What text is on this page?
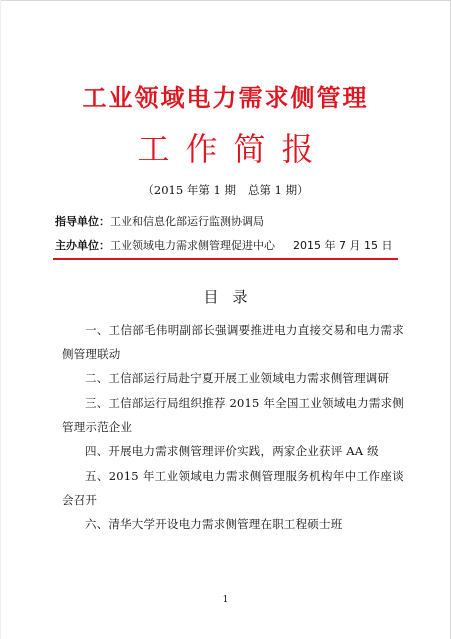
工业领域电力需求侧管理
工作简报
（2015 年第 1 期 总第 1 期）
指导单位：工业和信息化部运行监测协调局
主办单位：工业领域电力需求侧管理促进中心 2015 年 7 月 15 日
目录
一、工信部毛伟明副部长强调要推进电力直接交易和电力需求侧管理联动
二、工信部运行局赴宁夏开展工业领域电力需求侧管理调研
三、工信部运行局组织推荐 2015 年全国工业领域电力需求侧管理示范企业
四、开展电力需求侧管理评价实践，两家企业获评 AA 级
五、2015 年工业领域电力需求侧管理服务机构年中工作座谈会召开
六、清华大学开设电力需求侧管理在职工程硕士班
1
